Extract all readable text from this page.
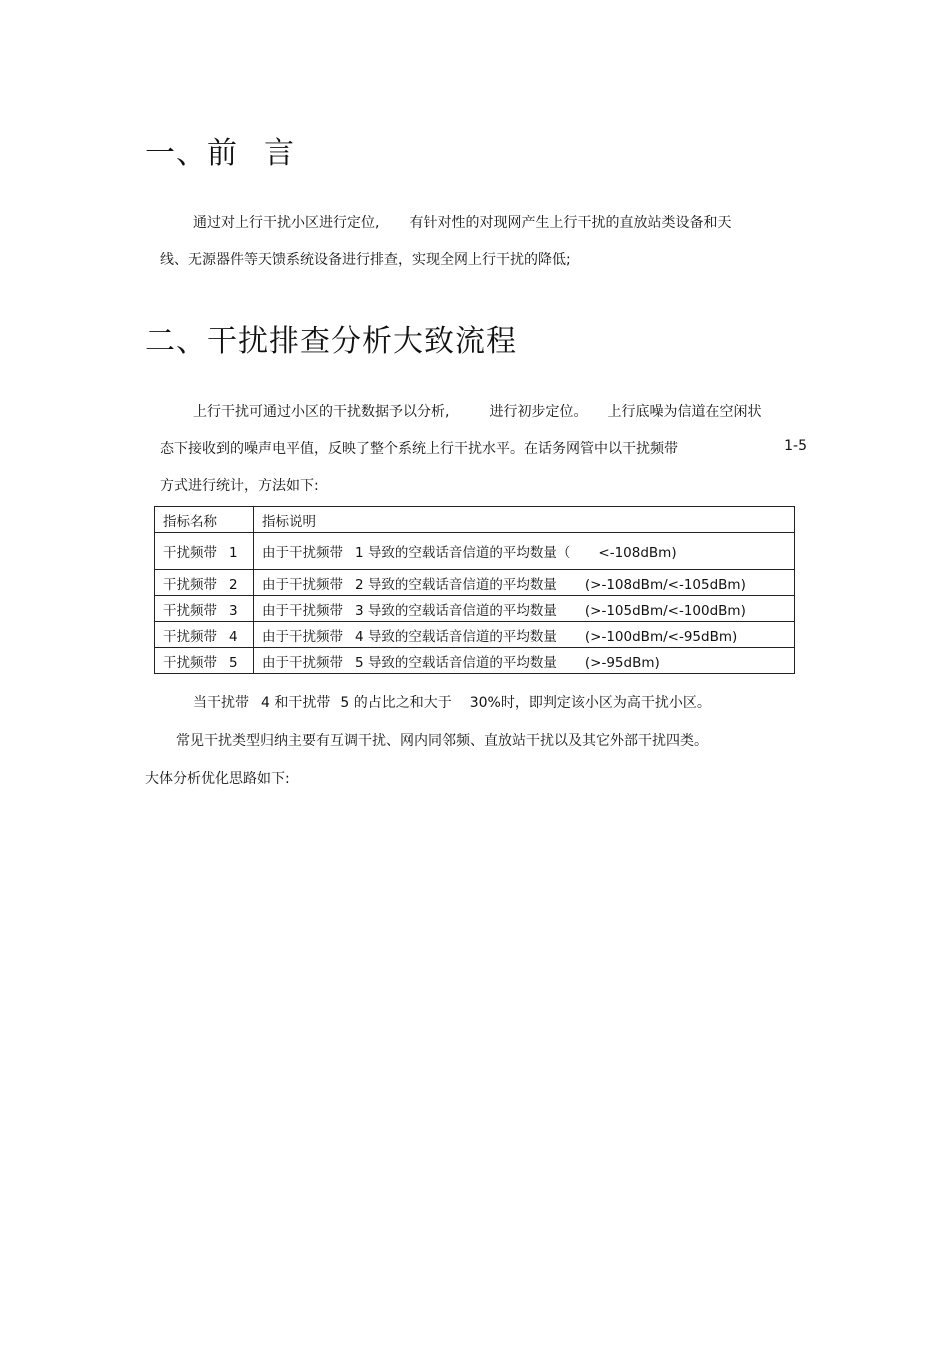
一、前 言

通过对上行干扰小区进行定位, 有针对性的对现网产生上行干扰的直放站类设备和天

线、无源器件等天馈系统设备进行排查，实现全网上行干扰的降低;

二、干扰排查分析大致流程

上行干扰可通过小区的干扰数据予以分析,	进行初步定位。 上行底噪为信道在空闲状

态下接收到的噪声电平值，反映了整个系统上行干扰水平。在话务网管中以干扰频带	1-5

方式进行统计，方法如下:

指标名称	指标说明
干扰频带 1	由于干扰频带 1 导致的空载话音信道的平均数量（ <-108dBm)
干扰频带 2	由于干扰频带 2 导致的空载话音信道的平均数量 (>-108dBm/<-105dBm)
干扰频带 3	由于干扰频带 3 导致的空载话音信道的平均数量 (>-105dBm/<-100dBm)
干扰频带 4	由于干扰频带 4 导致的空载话音信道的平均数量 (>-100dBm/<-95dBm)
干扰频带 5	由于干扰频带 5 导致的空载话音信道的平均数量 (>-95dBm)

当干扰带 4 和干扰带 5 的占比之和大于 30%时，即判定该小区为高干扰小区。

常见干扰类型归纳主要有互调干扰、网内同邻频、直放站干扰以及其它外部干扰四类。

大体分析优化思路如下:
